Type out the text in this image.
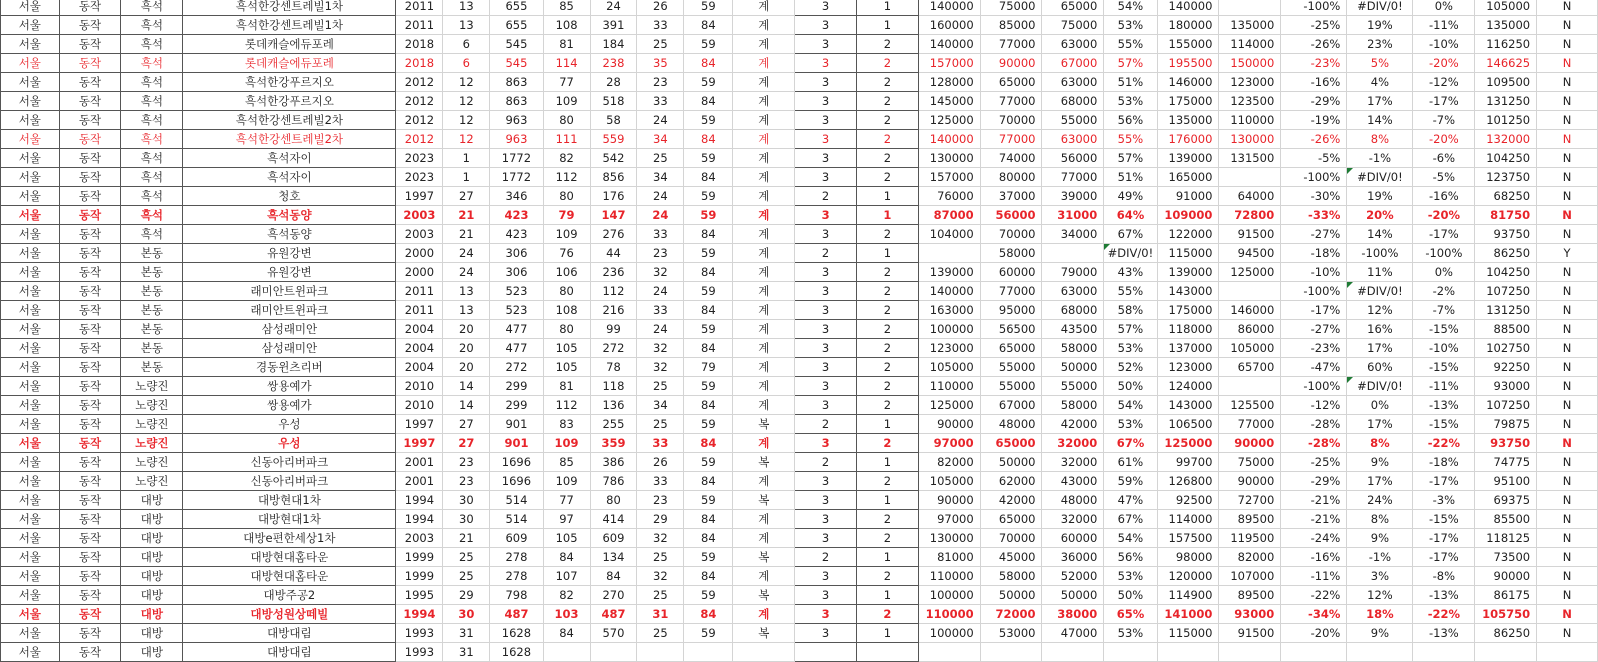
서울	동작	흑석	흑석한강센트레빌1차	2011	13	655	85	24	26	59	계	3	1	140000	75000	65000	54%	140000		-100%	#DIV/0!	0%	105000	N
서울	동작	흑석	흑석한강센트레빌1차	2011	13	655	108	391	33	84	계	3	1	160000	85000	75000	53%	180000	135000	-25%	19%	-11%	135000	N
서울	동작	흑석	롯데캐슬에듀포레	2018	6	545	81	184	25	59	계	3	2	140000	77000	63000	55%	155000	114000	-26%	23%	-10%	116250	N
서울	동작	흑석	롯데캐슬에듀포레	2018	6	545	114	238	35	84	계	3	2	157000	90000	67000	57%	195500	150000	-23%	5%	-20%	146625	N
서울	동작	흑석	흑석한강푸르지오	2012	12	863	77	28	23	59	계	3	2	128000	65000	63000	51%	146000	123000	-16%	4%	-12%	109500	N
서울	동작	흑석	흑석한강푸르지오	2012	12	863	109	518	33	84	계	3	2	145000	77000	68000	53%	175000	123500	-29%	17%	-17%	131250	N
서울	동작	흑석	흑석한강센트레빌2차	2012	12	963	80	58	24	59	계	3	2	125000	70000	55000	56%	135000	110000	-19%	14%	-7%	101250	N
서울	동작	흑석	흑석한강센트레빌2차	2012	12	963	111	559	34	84	계	3	2	140000	77000	63000	55%	176000	130000	-26%	8%	-20%	132000	N
서울	동작	흑석	흑석자이	2023	1	1772	82	542	25	59	계	3	2	130000	74000	56000	57%	139000	131500	-5%	-1%	-6%	104250	N
서울	동작	흑석	흑석자이	2023	1	1772	112	856	34	84	계	3	2	157000	80000	77000	51%	165000		-100%	#DIV/0!	-5%	123750	N
서울	동작	흑석	청호	1997	27	346	80	176	24	59	계	2	1	76000	37000	39000	49%	91000	64000	-30%	19%	-16%	68250	N
서울	동작	흑석	흑석동양	2003	21	423	79	147	24	59	계	3	1	87000	56000	31000	64%	109000	72800	-33%	20%	-20%	81750	N
서울	동작	흑석	흑석동양	2003	21	423	109	276	33	84	계	3	2	104000	70000	34000	67%	122000	91500	-27%	14%	-17%	93750	N
서울	동작	본동	유원강변	2000	24	306	76	44	23	59	계	2	1		58000		#DIV/0!	115000	94500	-18%	-100%	-100%	86250	Y
서울	동작	본동	유원강변	2000	24	306	106	236	32	84	계	3	2	139000	60000	79000	43%	139000	125000	-10%	11%	0%	104250	N
서울	동작	본동	래미안트윈파크	2011	13	523	80	112	24	59	계	3	2	140000	77000	63000	55%	143000		-100%	#DIV/0!	-2%	107250	N
서울	동작	본동	래미안트윈파크	2011	13	523	108	216	33	84	계	3	2	163000	95000	68000	58%	175000	146000	-17%	12%	-7%	131250	N
서울	동작	본동	삼성래미안	2004	20	477	80	99	24	59	계	3	2	100000	56500	43500	57%	118000	86000	-27%	16%	-15%	88500	N
서울	동작	본동	삼성래미안	2004	20	477	105	272	32	84	계	3	2	123000	65000	58000	53%	137000	105000	-23%	17%	-10%	102750	N
서울	동작	본동	경동윈츠리버	2004	20	272	105	78	32	79	계	3	2	105000	55000	50000	52%	123000	65700	-47%	60%	-15%	92250	N
서울	동작	노량진	쌍용예가	2010	14	299	81	118	25	59	계	3	2	110000	55000	55000	50%	124000		-100%	#DIV/0!	-11%	93000	N
서울	동작	노량진	쌍용예가	2010	14	299	112	136	34	84	계	3	2	125000	67000	58000	54%	143000	125500	-12%	0%	-13%	107250	N
서울	동작	노량진	우성	1997	27	901	83	255	25	59	복	2	1	90000	48000	42000	53%	106500	77000	-28%	17%	-15%	79875	N
서울	동작	노량진	우성	1997	27	901	109	359	33	84	계	3	2	97000	65000	32000	67%	125000	90000	-28%	8%	-22%	93750	N
서울	동작	노량진	신동아리버파크	2001	23	1696	85	386	26	59	복	2	1	82000	50000	32000	61%	99700	75000	-25%	9%	-18%	74775	N
서울	동작	노량진	신동아리버파크	2001	23	1696	109	786	33	84	계	3	2	105000	62000	43000	59%	126800	90000	-29%	17%	-17%	95100	N
서울	동작	대방	대방현대1차	1994	30	514	77	80	23	59	복	3	1	90000	42000	48000	47%	92500	72700	-21%	24%	-3%	69375	N
서울	동작	대방	대방현대1차	1994	30	514	97	414	29	84	계	3	2	97000	65000	32000	67%	114000	89500	-21%	8%	-15%	85500	N
서울	동작	대방	대방e편한세상1차	2003	21	609	105	609	32	84	계	3	2	130000	70000	60000	54%	157500	119500	-24%	9%	-17%	118125	N
서울	동작	대방	대방현대홈타운	1999	25	278	84	134	25	59	복	2	1	81000	45000	36000	56%	98000	82000	-16%	-1%	-17%	73500	N
서울	동작	대방	대방현대홈타운	1999	25	278	107	84	32	84	계	3	2	110000	58000	52000	53%	120000	107000	-11%	3%	-8%	90000	N
서울	동작	대방	대방주공2	1995	29	798	82	270	25	59	복	3	1	100000	50000	50000	50%	114900	89500	-22%	12%	-13%	86175	N
서울	동작	대방	대방성원상떼빌	1994	30	487	103	487	31	84	계	3	2	110000	72000	38000	65%	141000	93000	-34%	18%	-22%	105750	N
서울	동작	대방	대방대림	1993	31	1628	84	570	25	59	복	3	1	100000	53000	47000	53%	115000	91500	-20%	9%	-13%	86250	N
서울	동작	대방	대방대림	1993	31	1628																		
